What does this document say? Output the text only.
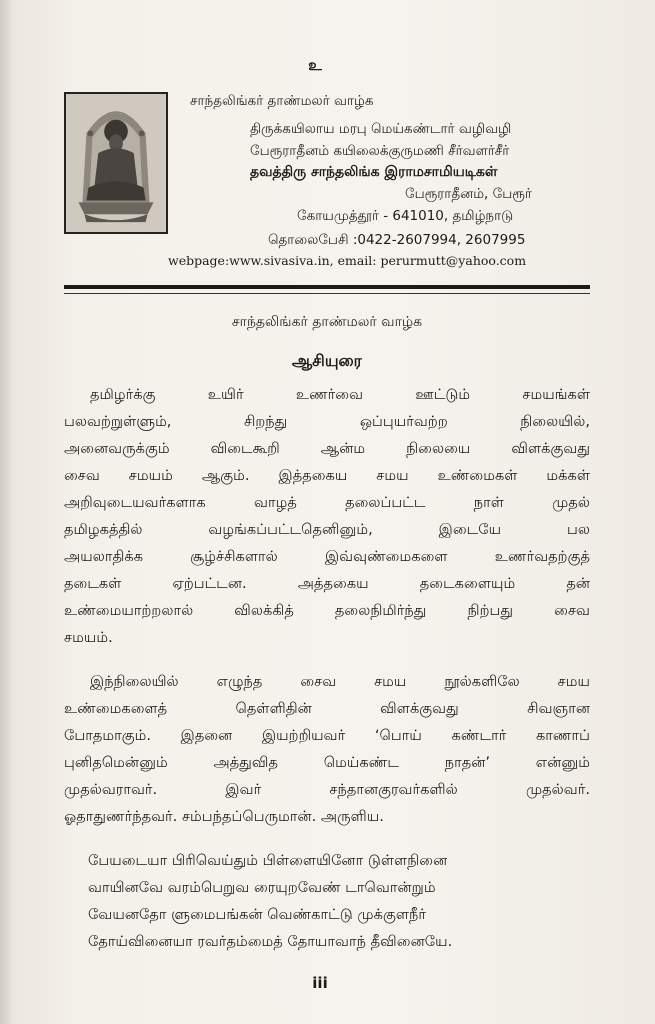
உ
சாந்தலிங்கர் தாண்மலர் வாழ்க
திருக்கயிலாய மரபு மெய்கண்டார் வழிவழி
பேரூராதீனம் கயிலைக்குருமணி சீர்வளர்சீர்
தவத்திரு சாந்தலிங்க இராமசாமியடிகள்
பேரூராதீனம், பேரூர்
கோயமுத்தூர் - 641010, தமிழ்நாடு
தொலைபேசி :0422-2607994, 2607995
webpage:www.sivasiva.in, email: perurmutt@yahoo.com
சாந்தலிங்கர் தாண்மலர் வாழ்க
ஆசியுரை
தமிழர்க்கு உயிர் உணர்வை ஊட்டும் சமயங்கள்
பலவற்றுள்ளும், சிறந்து ஒப்புயர்வற்ற நிலையில்,
அனைவருக்கும் விடைகூறி ஆன்ம நிலையை விளக்குவது
சைவ சமயம் ஆகும். இத்தகைய சமய உண்மைகள் மக்கள்
அறிவுடையவர்களாக வாழத் தலைப்பட்ட நாள் முதல்
தமிழகத்தில் வழங்கப்பட்டதெனினும், இடையே பல
அயலாதிக்க சூழ்ச்சிகளால் இவ்வுண்மைகளை உணர்வதற்குத்
தடைகள் ஏற்பட்டன. அத்தகைய தடைகளையும் தன்
உண்மையாற்றலால் விலக்கித் தலைநிமிர்ந்து நிற்பது சைவ
சமயம்.
இந்நிலையில் எழுந்த சைவ சமய நூல்களிலே சமய
உண்மைகளைத் தெள்ளிதின் விளக்குவது சிவஞான
போதமாகும். இதனை இயற்றியவர் ‘பொய் கண்டார் காணாப்
புனிதமென்னும் அத்துவித மெய்கண்ட நாதன்’ என்னும்
முதல்வராவர். இவர் சந்தானகுரவர்களில் முதல்வர்.
ஓதாதுணர்ந்தவர். சம்பந்தப்பெருமான். அருளிய.
பேயடையா பிரிவெய்தும் பிள்ளையினோ டுள்ளநினை
வாயினவே வரம்பெறுவ ரையுறவேண் டாவொன்றும்
வேயனதோ ளுமைபங்கன் வெண்காட்டு முக்குளநீர்
தோய்வினையா ரவர்தம்மைத் தோயாவாந் தீவினையே.
iii
